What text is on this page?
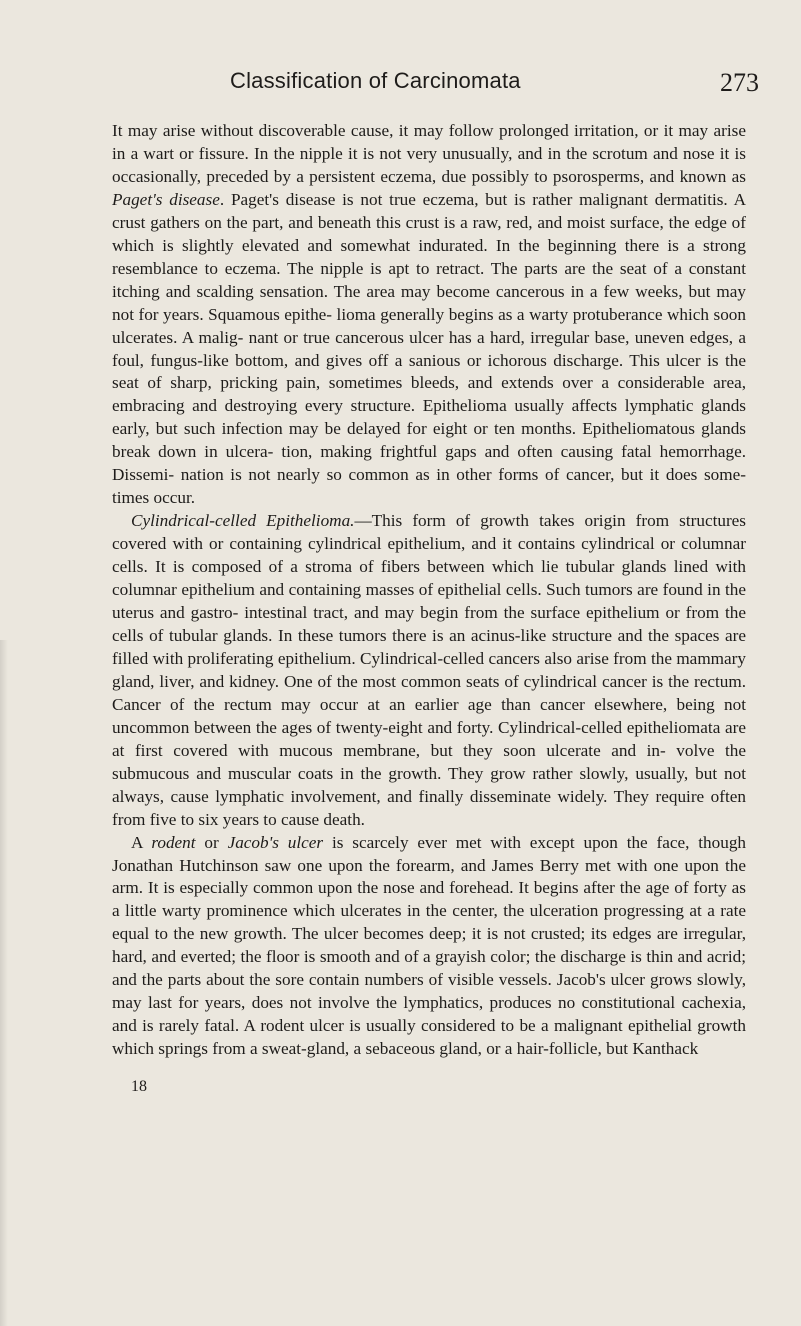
Classification of Carcinomata	273

It may arise without discoverable cause, it may follow prolonged irritation, or it may arise in a wart or fissure. In the nipple it is not very unusually, and in the scrotum and nose it is occasionally, preceded by a persistent eczema, due possibly to psorosperms, and known as Paget's disease. Paget's disease is not true eczema, but is rather malignant dermatitis. A crust gathers on the part, and beneath this crust is a raw, red, and moist surface, the edge of which is slightly elevated and somewhat indurated. In the beginning there is a strong resemblance to eczema. The nipple is apt to retract. The parts are the seat of a constant itching and scalding sensation. The area may become cancerous in a few weeks, but may not for years. Squamous epithe- lioma generally begins as a warty protuberance which soon ulcerates. A malig- nant or true cancerous ulcer has a hard, irregular base, uneven edges, a foul, fungus-like bottom, and gives off a sanious or ichorous discharge. This ulcer is the seat of sharp, pricking pain, sometimes bleeds, and extends over a considerable area, embracing and destroying every structure. Epithelioma usually affects lymphatic glands early, but such infection may be delayed for eight or ten months. Epitheliomatous glands break down in ulcera- tion, making frightful gaps and often causing fatal hemorrhage. Dissemi- nation is not nearly so common as in other forms of cancer, but it does some- times occur.

Cylindrical-celled Epithelioma.—This form of growth takes origin from structures covered with or containing cylindrical epithelium, and it contains cylindrical or columnar cells. It is composed of a stroma of fibers between which lie tubular glands lined with columnar epithelium and containing masses of epithelial cells. Such tumors are found in the uterus and gastro- intestinal tract, and may begin from the surface epithelium or from the cells of tubular glands. In these tumors there is an acinus-like structure and the spaces are filled with proliferating epithelium. Cylindrical-celled cancers also arise from the mammary gland, liver, and kidney. One of the most common seats of cylindrical cancer is the rectum. Cancer of the rectum may occur at an earlier age than cancer elsewhere, being not uncommon between the ages of twenty-eight and forty. Cylindrical-celled epitheliomata are at first covered with mucous membrane, but they soon ulcerate and in- volve the submucous and muscular coats in the growth. They grow rather slowly, usually, but not always, cause lymphatic involvement, and finally disseminate widely. They require often from five to six years to cause death.

A rodent or Jacob's ulcer is scarcely ever met with except upon the face, though Jonathan Hutchinson saw one upon the forearm, and James Berry met with one upon the arm. It is especially common upon the nose and forehead. It begins after the age of forty as a little warty prominence which ulcerates in the center, the ulceration progressing at a rate equal to the new growth. The ulcer becomes deep; it is not crusted; its edges are irregular, hard, and everted; the floor is smooth and of a grayish color; the discharge is thin and acrid; and the parts about the sore contain numbers of visible vessels. Jacob's ulcer grows slowly, may last for years, does not involve the lymphatics, produces no constitutional cachexia, and is rarely fatal. A rodent ulcer is usually considered to be a malignant epithelial growth which springs from a sweat-gland, a sebaceous gland, or a hair-follicle, but Kanthack

18
